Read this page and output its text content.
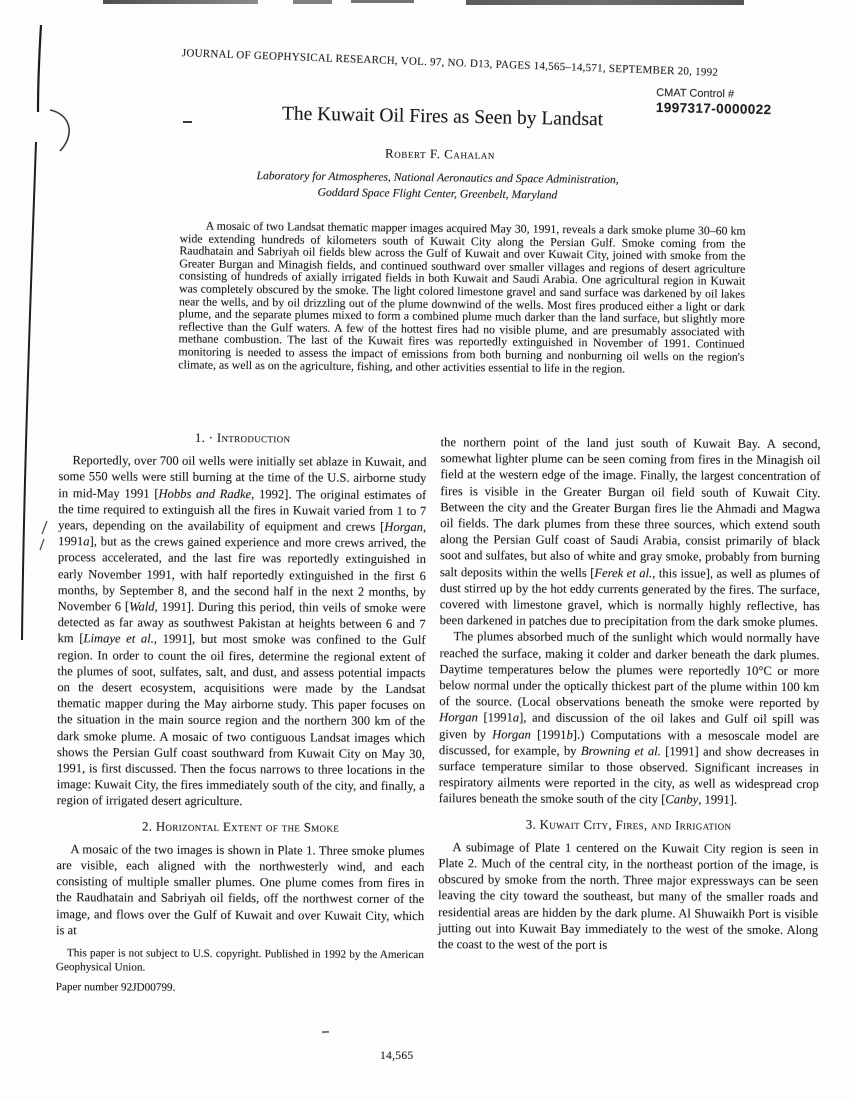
JOURNAL OF GEOPHYSICAL RESEARCH, VOL. 97, NO. D13, PAGES 14,565–14,571, SEPTEMBER 20, 1992
CMAT Control #
1997317-0000022
The Kuwait Oil Fires as Seen by Landsat
Robert F. Cahalan
Laboratory for Atmospheres, National Aeronautics and Space Administration,
Goddard Space Flight Center, Greenbelt, Maryland

A mosaic of two Landsat thematic mapper images acquired May 30, 1991, reveals a dark smoke plume 30–60 km wide extending hundreds of kilometers south of Kuwait City along the Persian Gulf. Smoke coming from the Raudhatain and Sabriyah oil fields blew across the Gulf of Kuwait and over Kuwait City, joined with smoke from the Greater Burgan and Minagish fields, and continued southward over smaller villages and regions of desert agriculture consisting of hundreds of axially irrigated fields in both Kuwait and Saudi Arabia. One agricultural region in Kuwait was completely obscured by the smoke. The light colored limestone gravel and sand surface was darkened by oil lakes near the wells, and by oil drizzling out of the plume downwind of the wells. Most fires produced either a light or dark plume, and the separate plumes mixed to form a combined plume much darker than the land surface, but slightly more reflective than the Gulf waters. A few of the hottest fires had no visible plume, and are presumably associated with methane combustion. The last of the Kuwait fires was reportedly extinguished in November of 1991. Continued monitoring is needed to assess the impact of emissions from both burning and nonburning oil wells on the region's climate, as well as on the agriculture, fishing, and other activities essential to life in the region.

1. · Introduction

Reportedly, over 700 oil wells were initially set ablaze in Kuwait, and some 550 wells were still burning at the time of the U.S. airborne study in mid-May 1991 [Hobbs and Radke, 1992]. The original estimates of the time required to extinguish all the fires in Kuwait varied from 1 to 7 years, depending on the availability of equipment and crews [Horgan, 1991a], but as the crews gained experience and more crews arrived, the process accelerated, and the last fire was reportedly extinguished in early November 1991, with half reportedly extinguished in the first 6 months, by September 8, and the second half in the next 2 months, by November 6 [Wald, 1991]. During this period, thin veils of smoke were detected as far away as southwest Pakistan at heights between 6 and 7 km [Limaye et al., 1991], but most smoke was confined to the Gulf region. In order to count the oil fires, determine the regional extent of the plumes of soot, sulfates, salt, and dust, and assess potential impacts on the desert ecosystem, acquisitions were made by the Landsat thematic mapper during the May airborne study. This paper focuses on the situation in the main source region and the northern 300 km of the dark smoke plume. A mosaic of two contiguous Landsat images which shows the Persian Gulf coast southward from Kuwait City on May 30, 1991, is first discussed. Then the focus narrows to three locations in the image: Kuwait City, the fires immediately south of the city, and finally, a region of irrigated desert agriculture.

2. Horizontal Extent of the Smoke

A mosaic of the two images is shown in Plate 1. Three smoke plumes are visible, each aligned with the northwesterly wind, and each consisting of multiple smaller plumes. One plume comes from fires in the Raudhatain and Sabriyah oil fields, off the northwest corner of the image, and flows over the Gulf of Kuwait and over Kuwait City, which is at

This paper is not subject to U.S. copyright. Published in 1992 by the American Geophysical Union.

Paper number 92JD00799.

the northern point of the land just south of Kuwait Bay. A second, somewhat lighter plume can be seen coming from fires in the Minagish oil field at the western edge of the image. Finally, the largest concentration of fires is visible in the Greater Burgan oil field south of Kuwait City. Between the city and the Greater Burgan fires lie the Ahmadi and Magwa oil fields. The dark plumes from these three sources, which extend south along the Persian Gulf coast of Saudi Arabia, consist primarily of black soot and sulfates, but also of white and gray smoke, probably from burning salt deposits within the wells [Ferek et al., this issue], as well as plumes of dust stirred up by the hot eddy currents generated by the fires. The surface, covered with limestone gravel, which is normally highly reflective, has been darkened in patches due to precipitation from the dark smoke plumes.

The plumes absorbed much of the sunlight which would normally have reached the surface, making it colder and darker beneath the dark plumes. Daytime temperatures below the plumes were reportedly 10°C or more below normal under the optically thickest part of the plume within 100 km of the source. (Local observations beneath the smoke were reported by Horgan [1991a], and discussion of the oil lakes and Gulf oil spill was given by Horgan [1991b].) Computations with a mesoscale model are discussed, for example, by Browning et al. [1991] and show decreases in surface temperature similar to those observed. Significant increases in respiratory ailments were reported in the city, as well as widespread crop failures beneath the smoke south of the city [Canby, 1991].

3. Kuwait City, Fires, and Irrigation

A subimage of Plate 1 centered on the Kuwait City region is seen in Plate 2. Much of the central city, in the northeast portion of the image, is obscured by smoke from the north. Three major expressways can be seen leaving the city toward the southeast, but many of the smaller roads and residential areas are hidden by the dark plume. Al Shuwaikh Port is visible jutting out into Kuwait Bay immediately to the west of the smoke. Along the coast to the west of the port is

14,565
